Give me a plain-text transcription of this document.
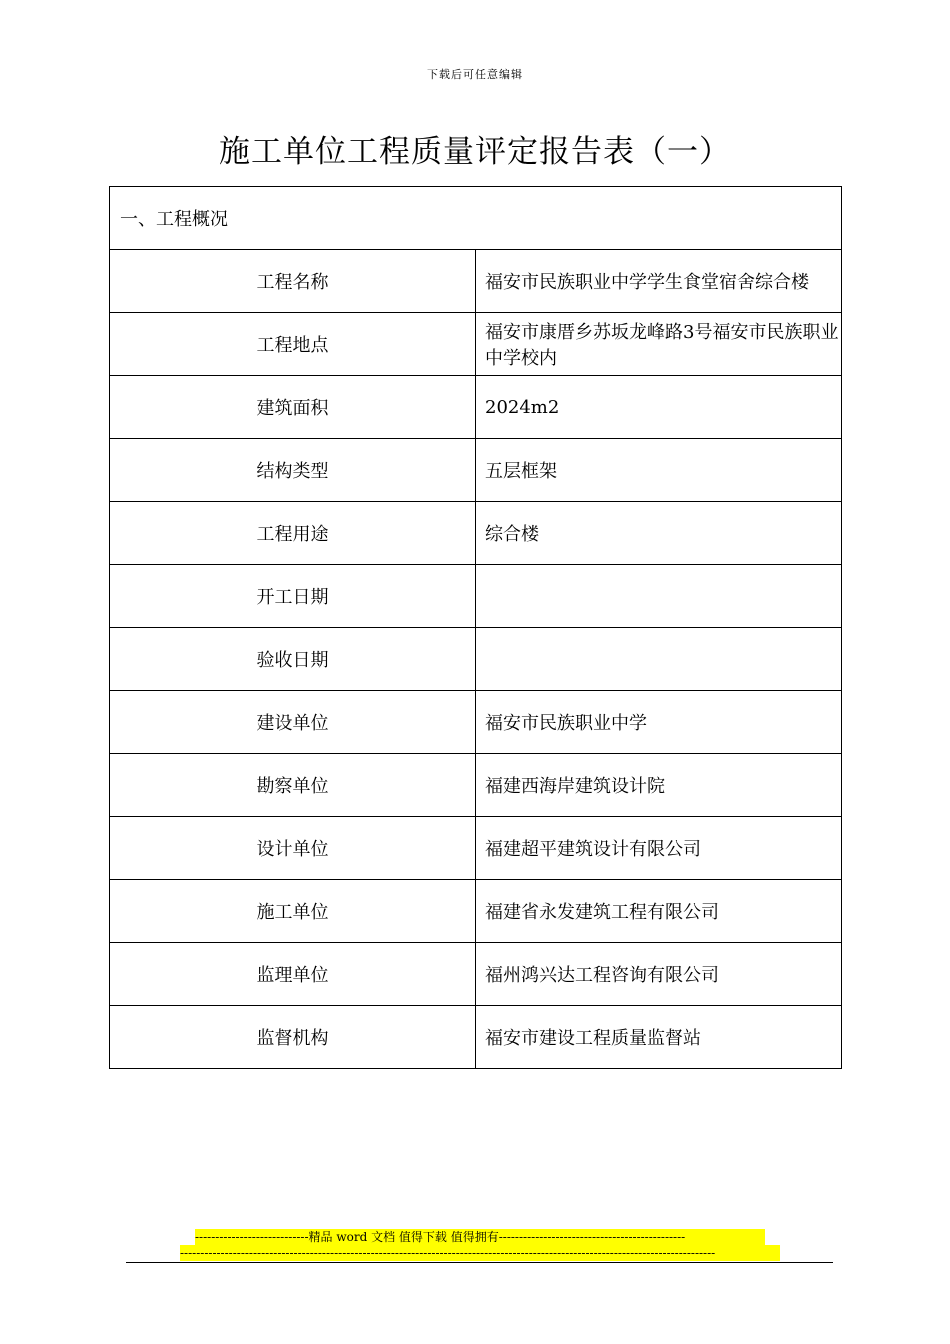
下载后可任意编辑
施工单位工程质量评定报告表（一）
一、工程概况	
工程名称	福安市民族职业中学学生食堂宿舍综合楼
工程地点	福安市康厝乡苏坂龙峰路3号福安市民族职业中学校内
建筑面积	2024m2
结构类型	五层框架
工程用途	综合楼
开工日期	
验收日期	
建设单位	福安市民族职业中学
勘察单位	福建西海岸建筑设计院
设计单位	福建超平建筑设计有限公司
施工单位	福建省永发建筑工程有限公司
监理单位	福州鸿兴达工程咨询有限公司
监督机构	福安市建设工程质量监督站
----------------------------精品 word 文档 值得下载 值得拥有----------------------------------------------
------------------------------------------------------------------------------------------------------------------------------------
